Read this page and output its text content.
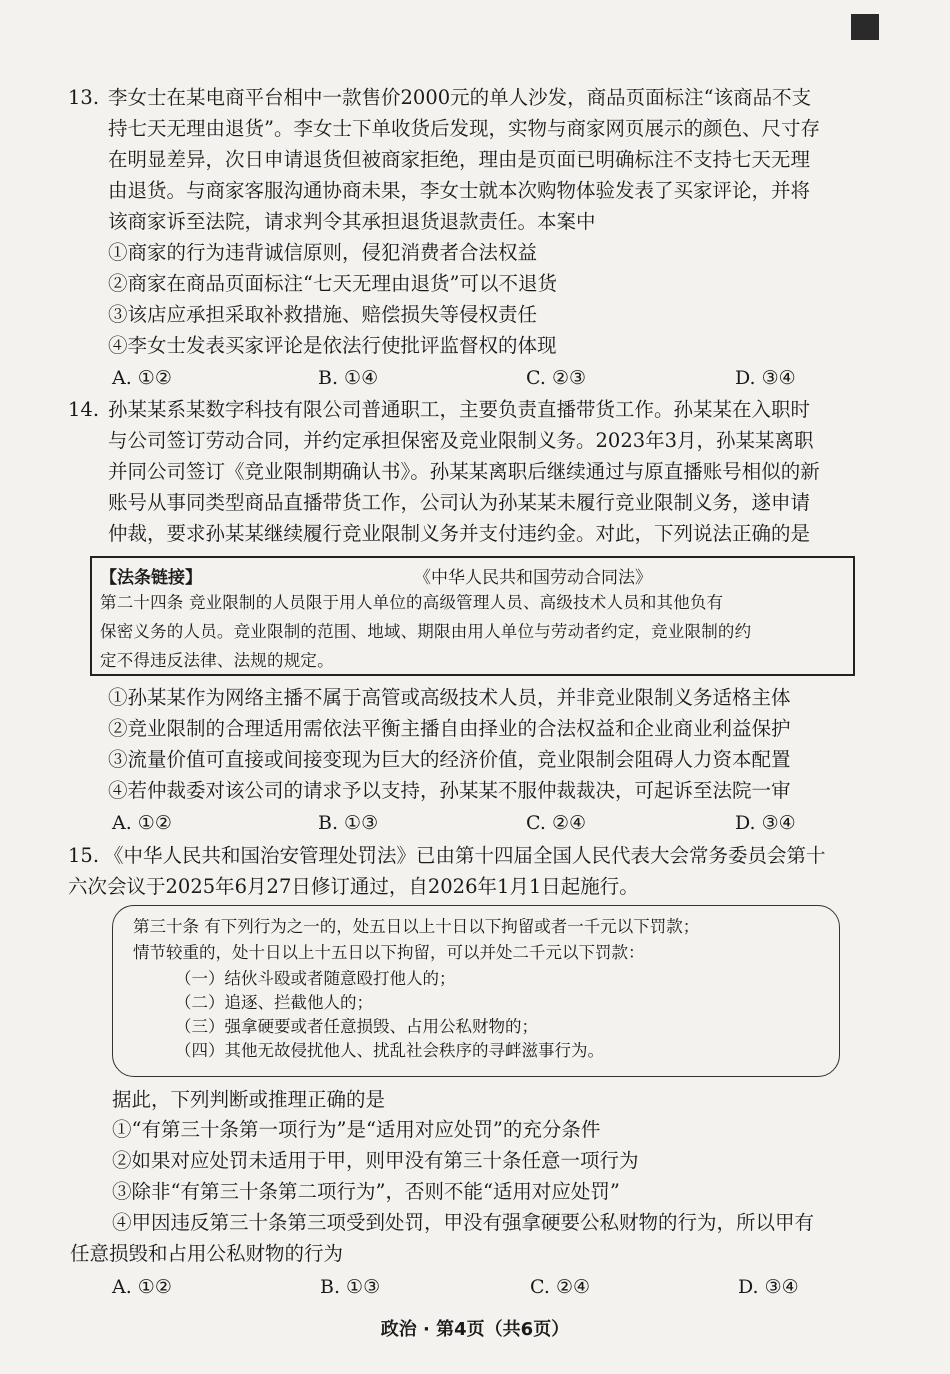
13. 李女士在某电商平台相中一款售价2000元的单人沙发，商品页面标注“该商品不支
持七天无理由退货”。李女士下单收货后发现，实物与商家网页展示的颜色、尺寸存
在明显差异，次日申请退货但被商家拒绝，理由是页面已明确标注不支持七天无理
由退货。与商家客服沟通协商未果，李女士就本次购物体验发表了买家评论，并将
该商家诉至法院，请求判令其承担退货退款责任。本案中
①商家的行为违背诚信原则，侵犯消费者合法权益
②商家在商品页面标注“七天无理由退货”可以不退货
③该店应承担采取补救措施、赔偿损失等侵权责任
④李女士发表买家评论是依法行使批评监督权的体现
A. ①②	B. ①④	C. ②③	D. ③④
14. 孙某某系某数字科技有限公司普通职工，主要负责直播带货工作。孙某某在入职时
与公司签订劳动合同，并约定承担保密及竞业限制义务。2023年3月，孙某某离职
并同公司签订《竞业限制期确认书》。孙某某离职后继续通过与原直播账号相似的新
账号从事同类型商品直播带货工作，公司认为孙某某未履行竞业限制义务，遂申请
仲裁，要求孙某某继续履行竞业限制义务并支付违约金。对此，下列说法正确的是
【法条链接】	《中华人民共和国劳动合同法》
第二十四条 竞业限制的人员限于用人单位的高级管理人员、高级技术人员和其他负有
保密义务的人员。竞业限制的范围、地域、期限由用人单位与劳动者约定，竞业限制的约
定不得违反法律、法规的规定。
①孙某某作为网络主播不属于高管或高级技术人员，并非竞业限制义务适格主体
②竞业限制的合理适用需依法平衡主播自由择业的合法权益和企业商业利益保护
③流量价值可直接或间接变现为巨大的经济价值，竞业限制会阻碍人力资本配置
④若仲裁委对该公司的请求予以支持，孙某某不服仲裁裁决，可起诉至法院一审
A. ①②	B. ①③	C. ②④	D. ③④
15. 《中华人民共和国治安管理处罚法》已由第十四届全国人民代表大会常务委员会第十
六次会议于2025年6月27日修订通过，自2026年1月1日起施行。
第三十条 有下列行为之一的，处五日以上十日以下拘留或者一千元以下罚款；
情节较重的，处十日以上十五日以下拘留，可以并处二千元以下罚款：
（一）结伙斗殴或者随意殴打他人的；
（二）追逐、拦截他人的；
（三）强拿硬要或者任意损毁、占用公私财物的；
（四）其他无故侵扰他人、扰乱社会秩序的寻衅滋事行为。
据此，下列判断或推理正确的是
①“有第三十条第一项行为”是“适用对应处罚”的充分条件
②如果对应处罚未适用于甲，则甲没有第三十条任意一项行为
③除非“有第三十条第二项行为”，否则不能“适用对应处罚”
④甲因违反第三十条第三项受到处罚，甲没有强拿硬要公私财物的行为，所以甲有
任意损毁和占用公私财物的行为
A. ①②	B. ①③	C. ②④	D. ③④
政治 · 第4页（共6页）
